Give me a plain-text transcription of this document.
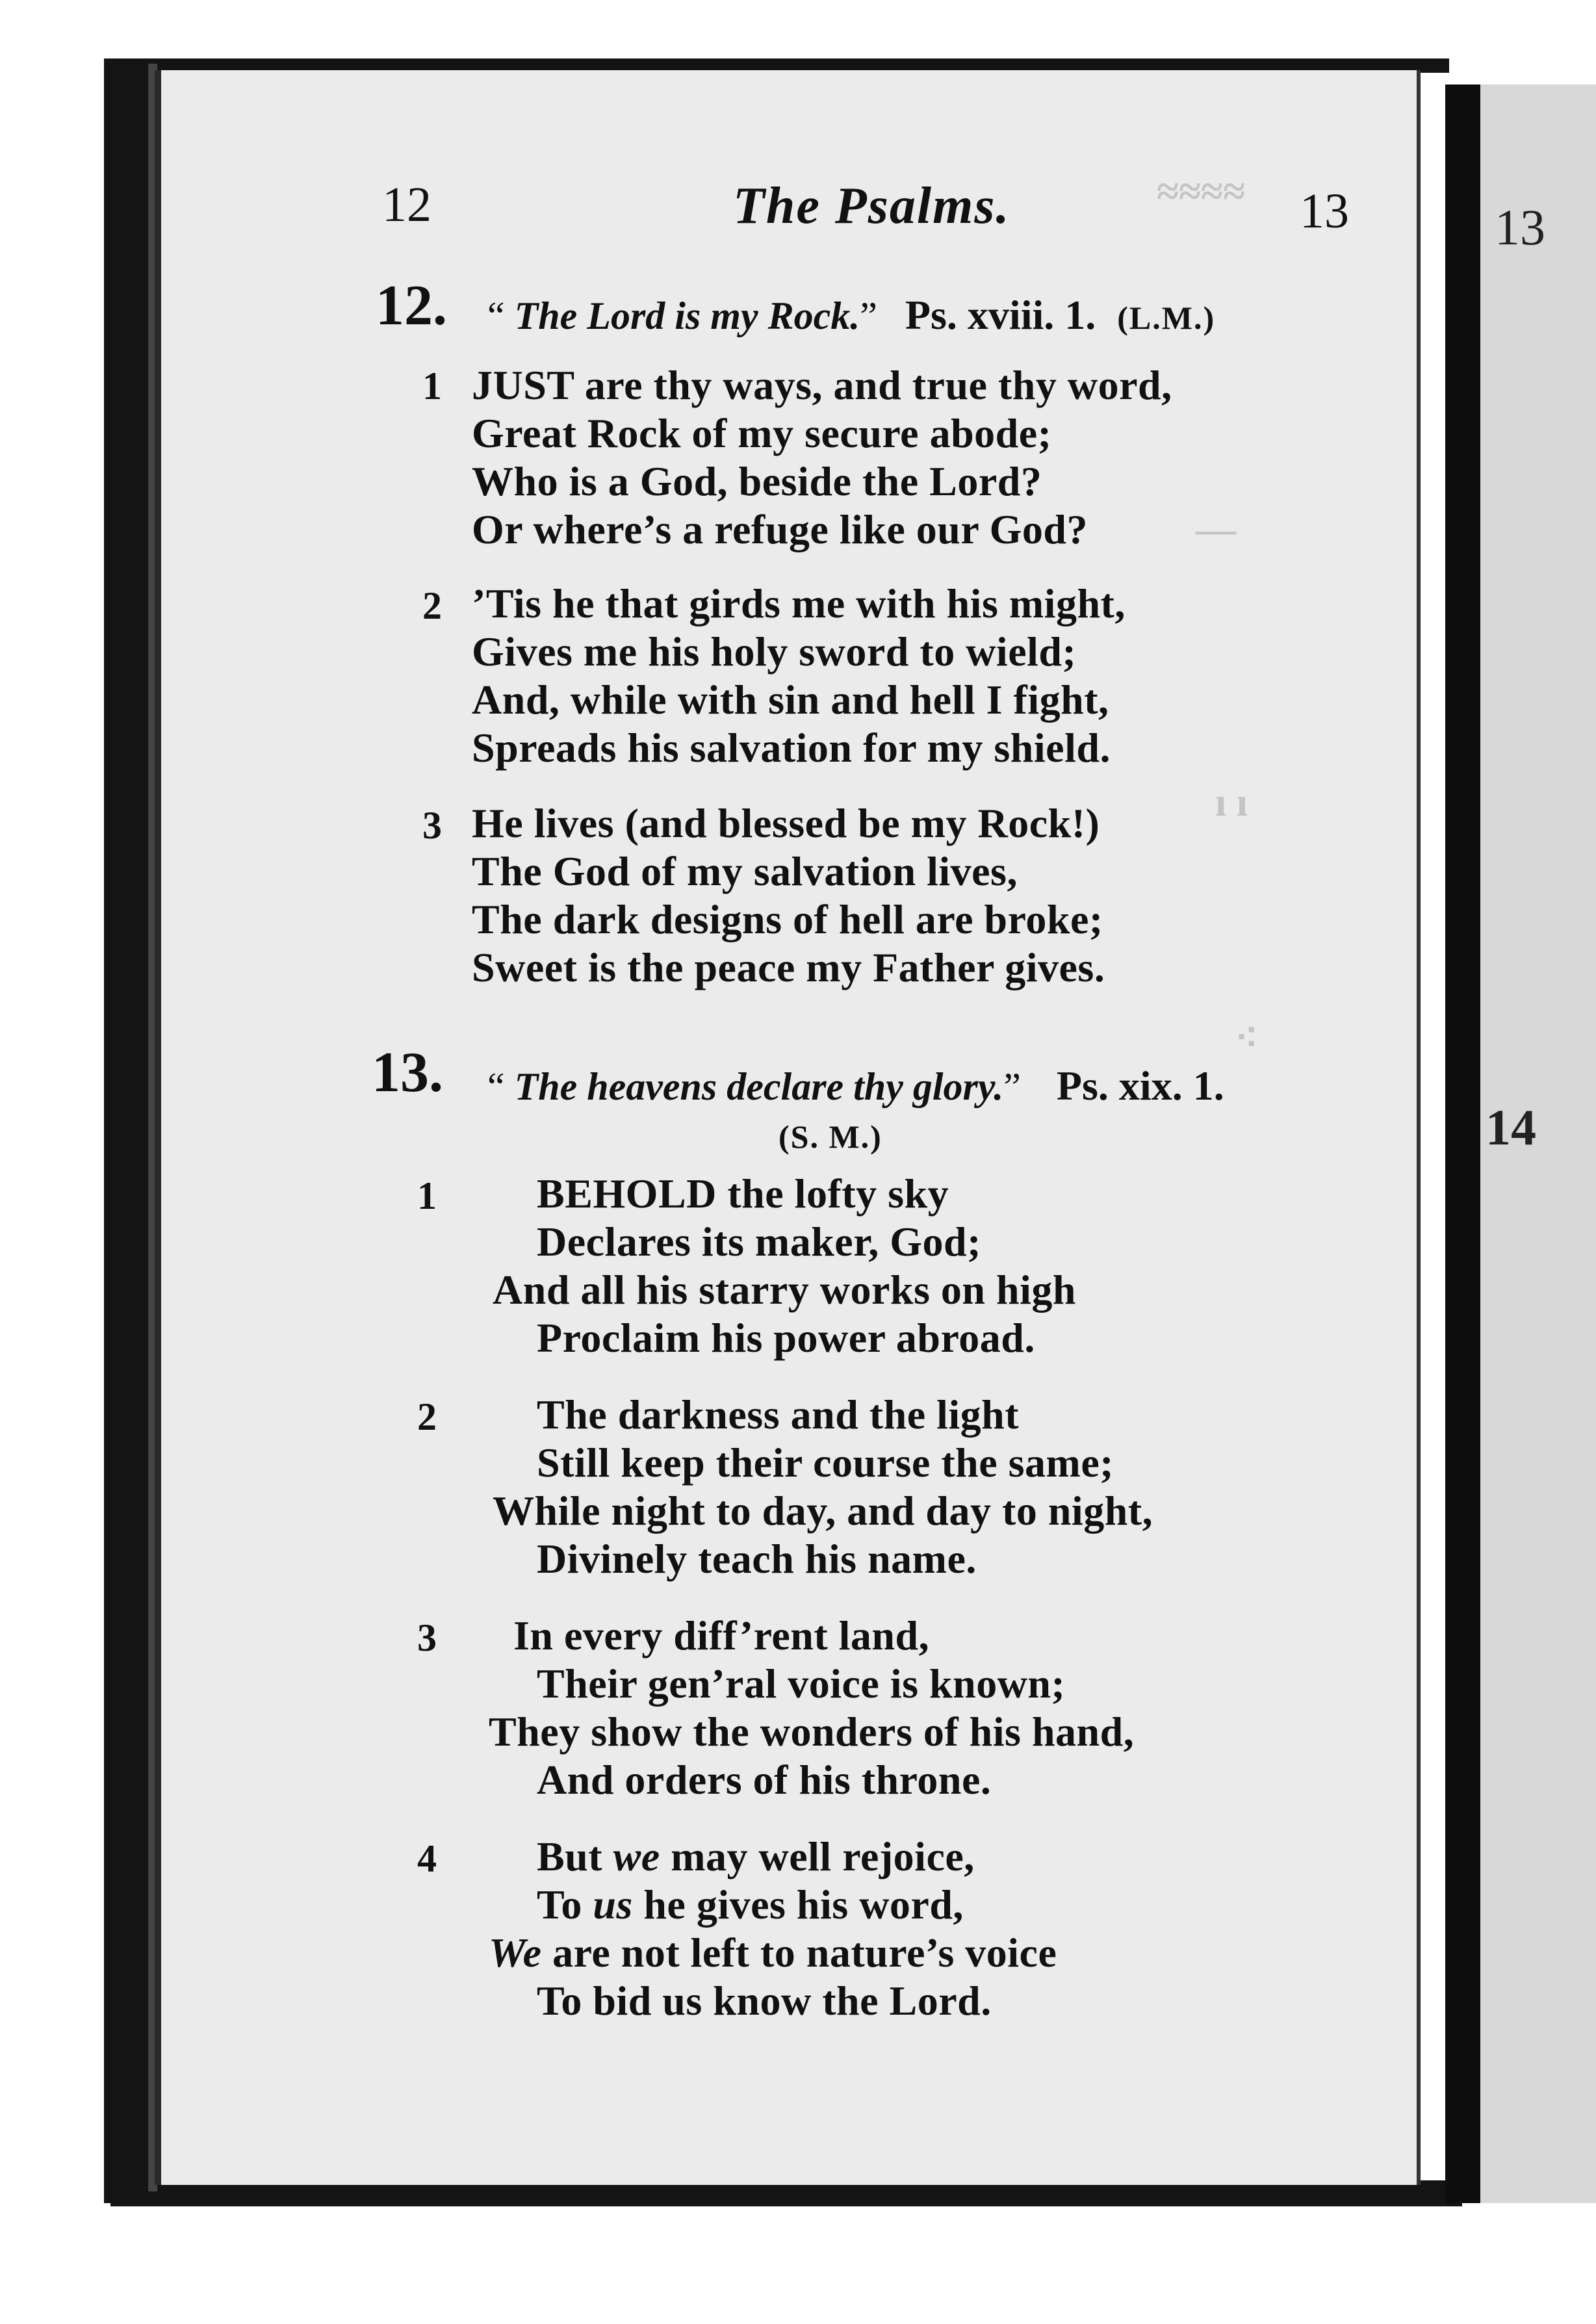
13
14
≈≈≈≈
—
ı ı
⁖
12	The Psalms.	13
12. “ The Lord is my Rock.” Ps. xviii. 1. (L.M.)
1 JUST are thy ways, and true thy word,
Great Rock of my secure abode;
Who is a God, beside the Lord?
Or where’s a refuge like our God?
2 ’Tis he that girds me with his might,
Gives me his holy sword to wield;
And, while with sin and hell I fight,
Spreads his salvation for my shield.
3 He lives (and blessed be my Rock!)
The God of my salvation lives,
The dark designs of hell are broke;
Sweet is the peace my Father gives.
13. “ The heavens declare thy glory.” Ps. xix. 1.
(S. M.)
1 BEHOLD the lofty sky
Declares its maker, God;
And all his starry works on high
Proclaim his power abroad.
2 The darkness and the light
Still keep their course the same;
While night to day, and day to night,
Divinely teach his name.
3 In every diff’rent land,
Their gen’ral voice is known;
They show the wonders of his hand,
And orders of his throne.
4 But we may well rejoice,
To us he gives his word,
We are not left to nature’s voice
To bid us know the Lord.
